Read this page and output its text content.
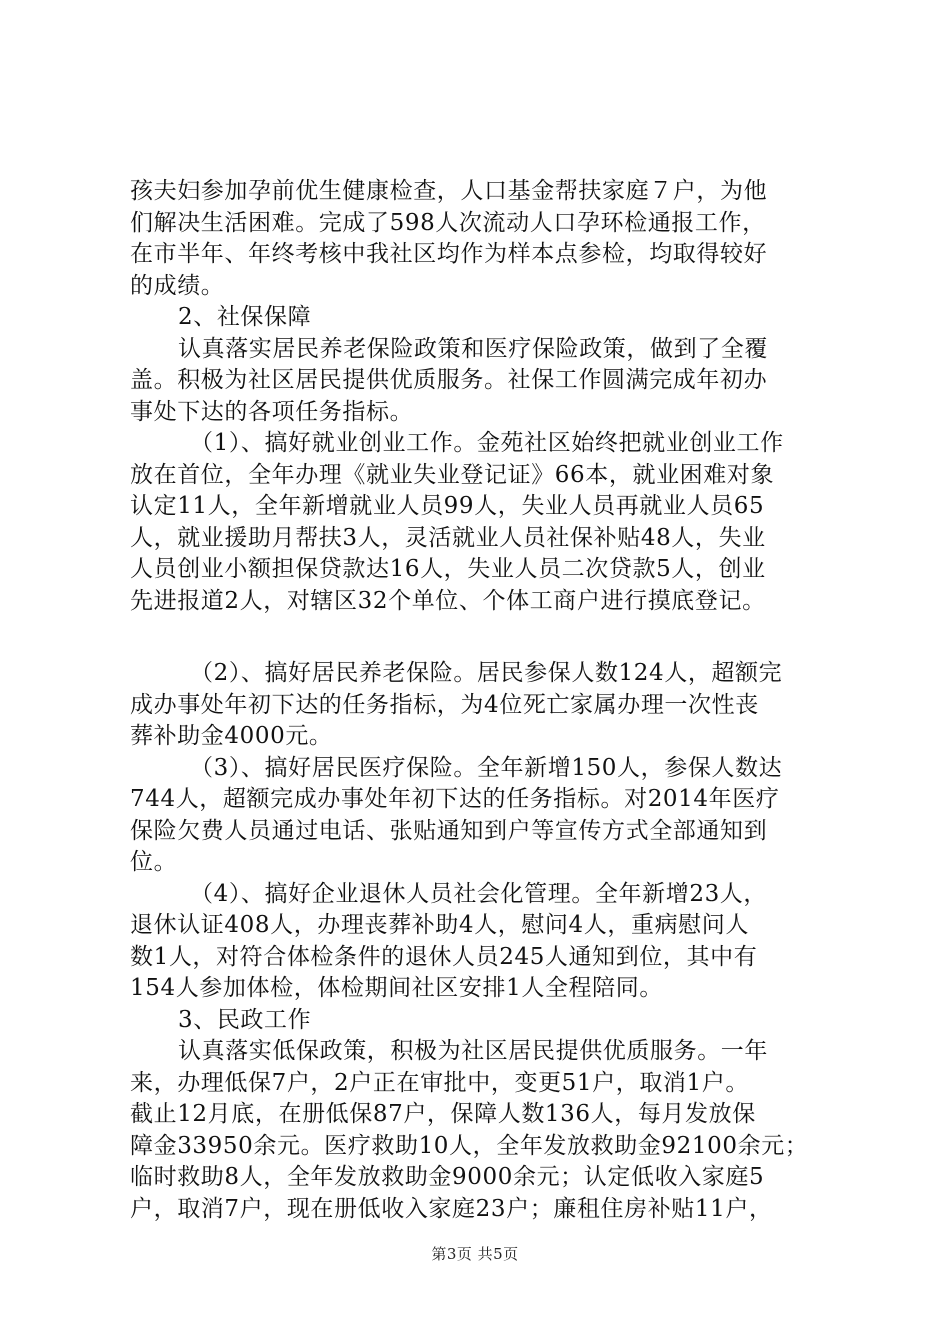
孩夫妇参加孕前优生健康检查，人口基金帮扶家庭７户，为他
们解决生活困难。完成了598人次流动人口孕环检通报工作，
在市半年、年终考核中我社区均作为样本点参检，均取得较好
的成绩。
2、社保保障
认真落实居民养老保险政策和医疗保险政策，做到了全覆
盖。积极为社区居民提供优质服务。社保工作圆满完成年初办
事处下达的各项任务指标。
（1）、搞好就业创业工作。金苑社区始终把就业创业工作
放在首位，全年办理《就业失业登记证》66本，就业困难对象
认定11人，全年新增就业人员99人，失业人员再就业人员65
人，就业援助月帮扶3人，灵活就业人员社保补贴48人，失业
人员创业小额担保贷款达16人，失业人员二次贷款5人，创业
先进报道2人，对辖区32个单位、个体工商户进行摸底登记。
（2）、搞好居民养老保险。居民参保人数124人，超额完
成办事处年初下达的任务指标，为4位死亡家属办理一次性丧
葬补助金4000元。
（3）、搞好居民医疗保险。全年新增150人，参保人数达
744人，超额完成办事处年初下达的任务指标。对2014年医疗
保险欠费人员通过电话、张贴通知到户等宣传方式全部通知到
位。
（4）、搞好企业退休人员社会化管理。全年新增23人，
退休认证408人，办理丧葬补助4人，慰问4人，重病慰问人
数1人，对符合体检条件的退休人员245人通知到位，其中有
154人参加体检，体检期间社区安排1人全程陪同。
3、民政工作
认真落实低保政策，积极为社区居民提供优质服务。一年
来，办理低保7户，2户正在审批中，变更51户，取消1户。
截止12月底，在册低保87户，保障人数136人，每月发放保
障金33950余元。医疗救助10人，全年发放救助金92100余元；
临时救助8人，全年发放救助金9000余元；认定低收入家庭5
户，取消7户，现在册低收入家庭23户；廉租住房补贴11户，
第3页 共5页
